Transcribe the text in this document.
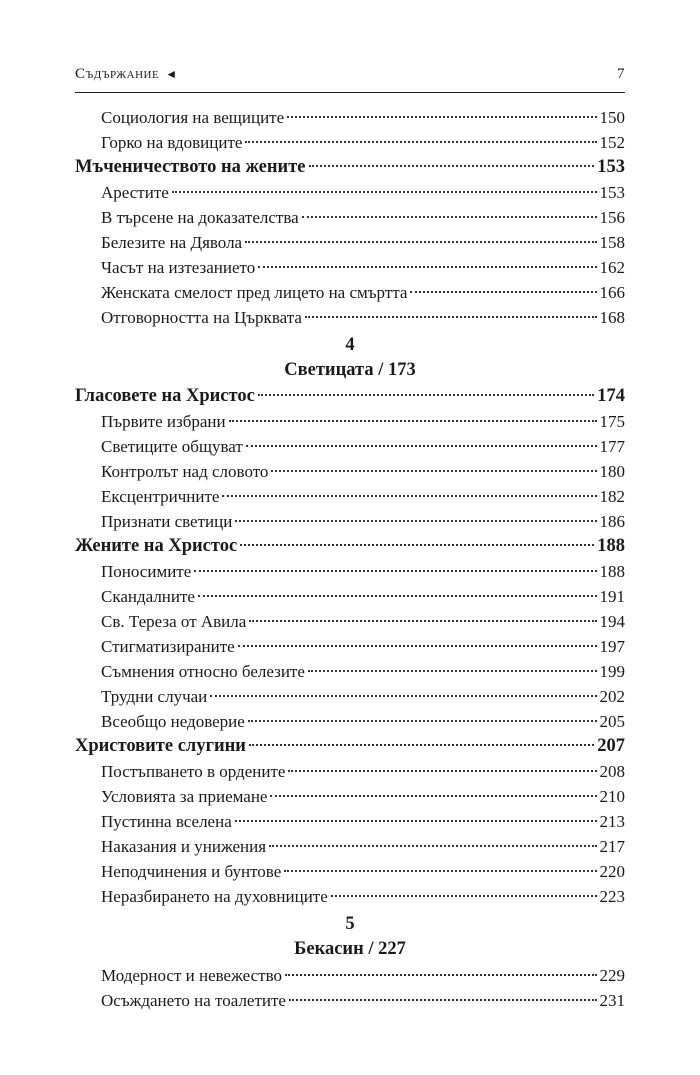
Съдържание ◄	7
Социология на вещиците	150
Горко на вдовиците	152
Мъченичеството на жените	153
Арестите	153
В търсене на доказателства	156
Белезите на Дявола	158
Часът на изтезанието	162
Женската смелост пред лицето на смъртта	166
Отговорността на Църквата	168
4
Светицата / 173
Гласовете на Христос	174
Първите избрани	175
Светиците общуват	177
Контролът над словото	180
Ексцентричните	182
Признати светици	186
Жените на Христос	188
Поносимите	188
Скандалните	191
Св. Тереза от Авила	194
Стигматизираните	197
Съмнения относно белезите	199
Трудни случаи	202
Всеобщо недоверие	205
Христовите слугини	207
Постъпването в ордените	208
Условията за приемане	210
Пустинна вселена	213
Наказания и унижения	217
Неподчинения и бунтове	220
Неразбирането на духовниците	223
5
Бекасин / 227
Модерност и невежество	229
Осъждането на тоалетите	231
